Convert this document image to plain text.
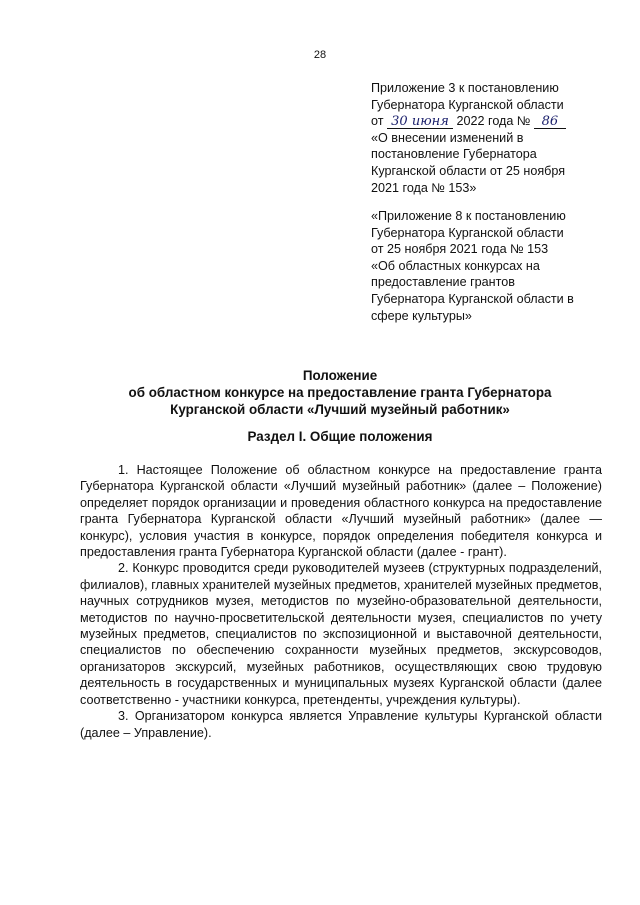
28

Приложение 3 к постановлению

Губернатора Курганской области

от 30 июня 2022 года № 86

«О внесении изменений в

постановление Губернатора

Курганской области от 25 ноября

2021 года № 153»

«Приложение 8 к постановлению

Губернатора Курганской области

от 25 ноября 2021 года № 153

«Об областных конкурсах на

предоставление грантов

Губернатора Курганской области в

сфере культуры»

Положение
об областном конкурсе на предоставление гранта Губернатора
Курганской области «Лучший музейный работник»
Раздел I. Общие положения

1. Настоящее Положение об областном конкурсе на предоставление гранта Губернатора Курганской области «Лучший музейный работник» (далее – Положение) определяет порядок организации и проведения областного конкурса на предоставление гранта Губернатора Курганской области «Лучший музейный работник» (далее — конкурс), условия участия в конкурсе, порядок определения победителя конкурса и предоставления гранта Губернатора Курганской области (далее - грант).

2. Конкурс проводится среди руководителей музеев (структурных подразделений, филиалов), главных хранителей музейных предметов, хранителей музейных предметов, научных сотрудников музея, методистов по музейно-образовательной деятельности, методистов по научно-просветительской деятельности музея, специалистов по учету музейных предметов, специалистов по экспозиционной и выставочной деятельности, специалистов по обеспечению сохранности музейных предметов, экскурсоводов, организаторов экскурсий, музейных работников, осуществляющих свою трудовую деятельность в государственных и муниципальных музеях Курганской области (далее соответственно - участники конкурса, претенденты, учреждения культуры).

3. Организатором конкурса является Управление культуры Курганской области (далее – Управление).
